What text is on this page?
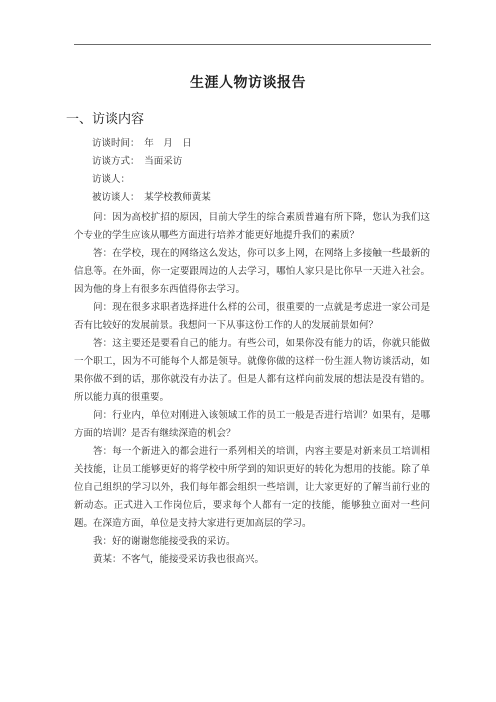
生涯人物访谈报告
一、访谈内容
访谈时间：　年　月　日
访谈方式：　当面采访
访谈人：
被访谈人：　某学校教师黄某

问：因为高校扩招的原因，目前大学生的综合素质普遍有所下降，您认为我们这个专业的学生应该从哪些方面进行培养才能更好地提升我们的素质？

答：在学校，现在的网络这么发达，你可以多上网，在网络上多接触一些最新的信息等。在外面，你一定要跟周边的人去学习，哪怕人家只是比你早一天进入社会。因为他的身上有很多东西值得你去学习。

问：现在很多求职者选择进什么样的公司，很重要的一点就是考虑进一家公司是否有比较好的发展前景。我想问一下从事这份工作的人的发展前景如何？

答：这主要还是要看自己的能力。有些公司，如果你没有能力的话，你就只能做一个职工，因为不可能每个人都是领导。就像你做的这样一份生涯人物访谈活动，如果你做不到的话，那你就没有办法了。但是人都有这样向前发展的想法是没有错的。所以能力真的很重要。

问：行业内，单位对刚进入该领域工作的员工一般是否进行培训？如果有，是哪方面的培训？是否有继续深造的机会？

答：每一个新进入的都会进行一系列相关的培训，内容主要是对新来员工培训相关技能，让员工能够更好的将学校中所学到的知识更好的转化为想用的技能。除了单位自己组织的学习以外，我们每年都会组织一些培训，让大家更好的了解当前行业的新动态。正式进入工作岗位后，要求每个人都有一定的技能，能够独立面对一些问题。在深造方面，单位是支持大家进行更加高层的学习。

我：好的谢谢您能接受我的采访。

黄某：不客气，能接受采访我也很高兴。
